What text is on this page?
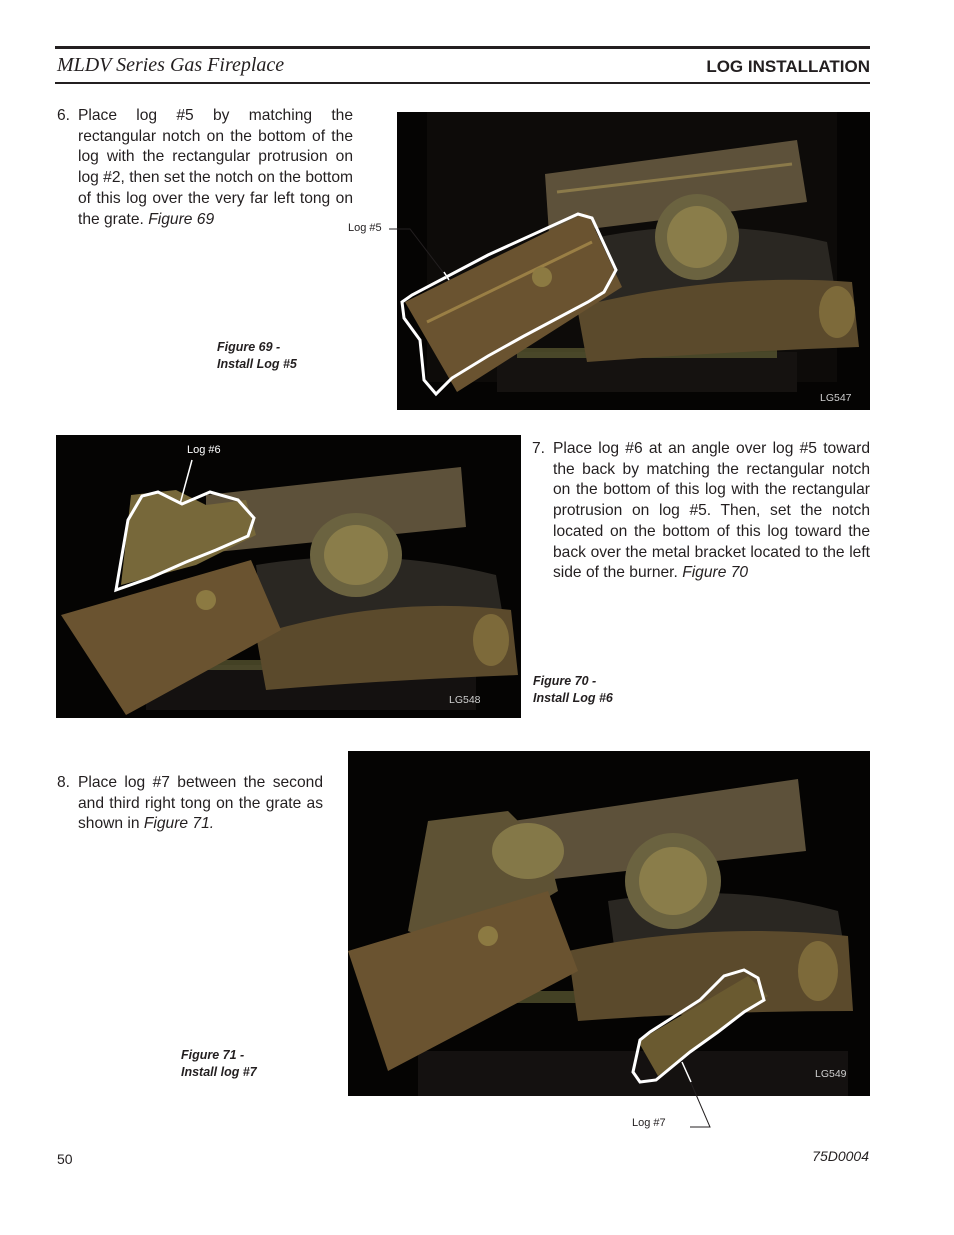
MLDV Series Gas Fireplace	LOG INSTALLATION
6. Place log #5 by matching the rectangular notch on the bottom of the log with the rectangular protrusion on log #2, then set the notch on the bottom of this log over the very far left tong on the grate. Figure 69
Log #5
Figure 69 -
Install Log #5
LG547
Log #6
LG548
7. Place log #6 at an angle over log #5 toward the back by matching the rectangular notch on the bottom of this log with the rectangular protrusion on log #5. Then, set the notch located on the bottom of this log toward the back over the metal bracket located to the left side of the burner. Figure 70
Figure 70 -
Install Log #6
8. Place log #7 between the second and third right tong on the grate as shown in Figure 71.
Figure 71 -
Install log #7	LG549
Log #7
50	75D0004
